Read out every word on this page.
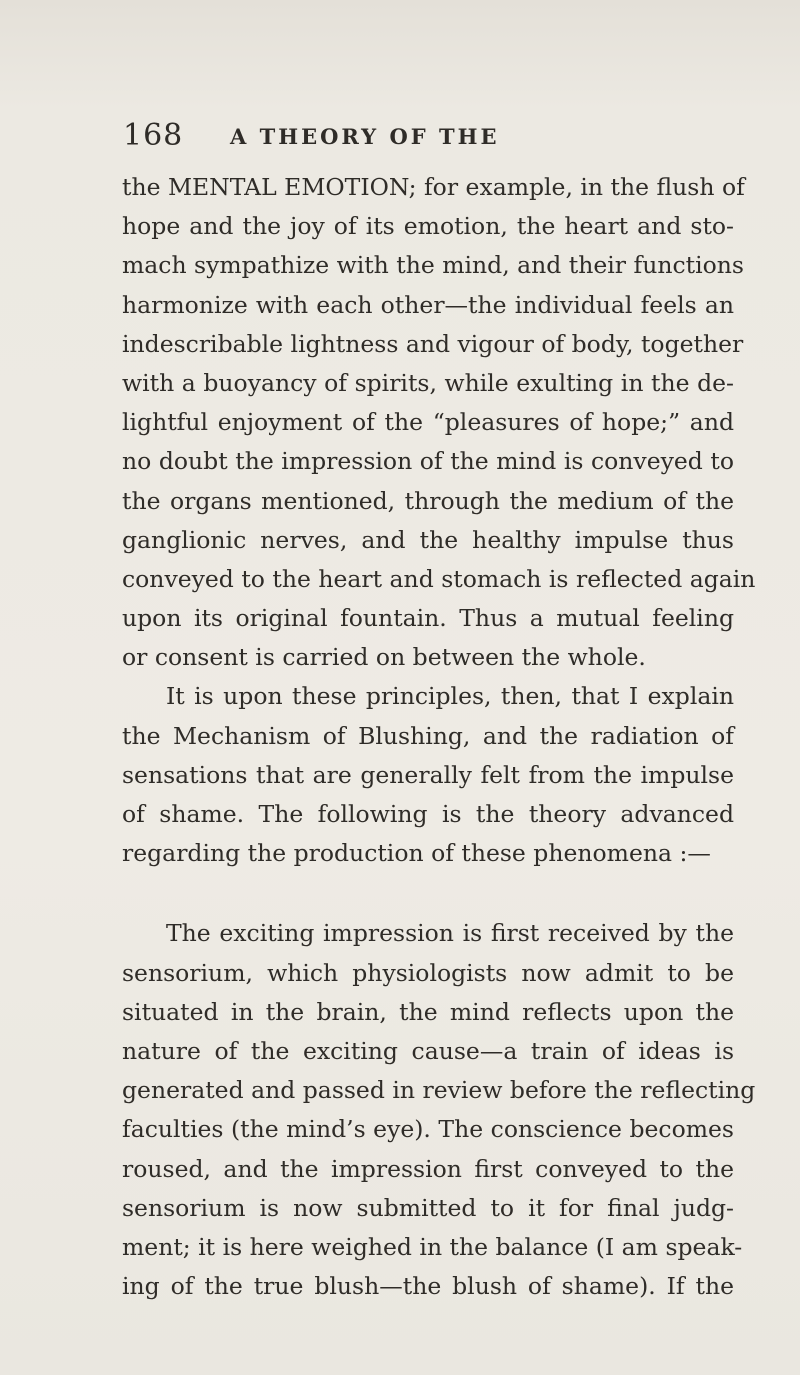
168 A THEORY OF THE
the MENTAL EMOTION; for example, in the flush of
hope and the joy of its emotion, the heart and sto-
mach sympathize with the mind, and their functions
harmonize with each other—the individual feels an
indescribable lightness and vigour of body, together
with a buoyancy of spirits, while exulting in the de-
lightful enjoyment of the “pleasures of hope;” and
no doubt the impression of the mind is conveyed to
the organs mentioned, through the medium of the
ganglionic nerves, and the healthy impulse thus
conveyed to the heart and stomach is reflected again
upon its original fountain. Thus a mutual feeling
or consent is carried on between the whole.
It is upon these principles, then, that I explain
the Mechanism of Blushing, and the radiation of
sensations that are generally felt from the impulse
of shame. The following is the theory advanced
regarding the production of these phenomena :—
The exciting impression is first received by the
sensorium, which physiologists now admit to be
situated in the brain, the mind reflects upon the
nature of the exciting cause—a train of ideas is
generated and passed in review before the reflecting
faculties (the mind’s eye). The conscience becomes
roused, and the impression first conveyed to the
sensorium is now submitted to it for final judg-
ment; it is here weighed in the balance (I am speak-
ing of the true blush—the blush of shame). If the
